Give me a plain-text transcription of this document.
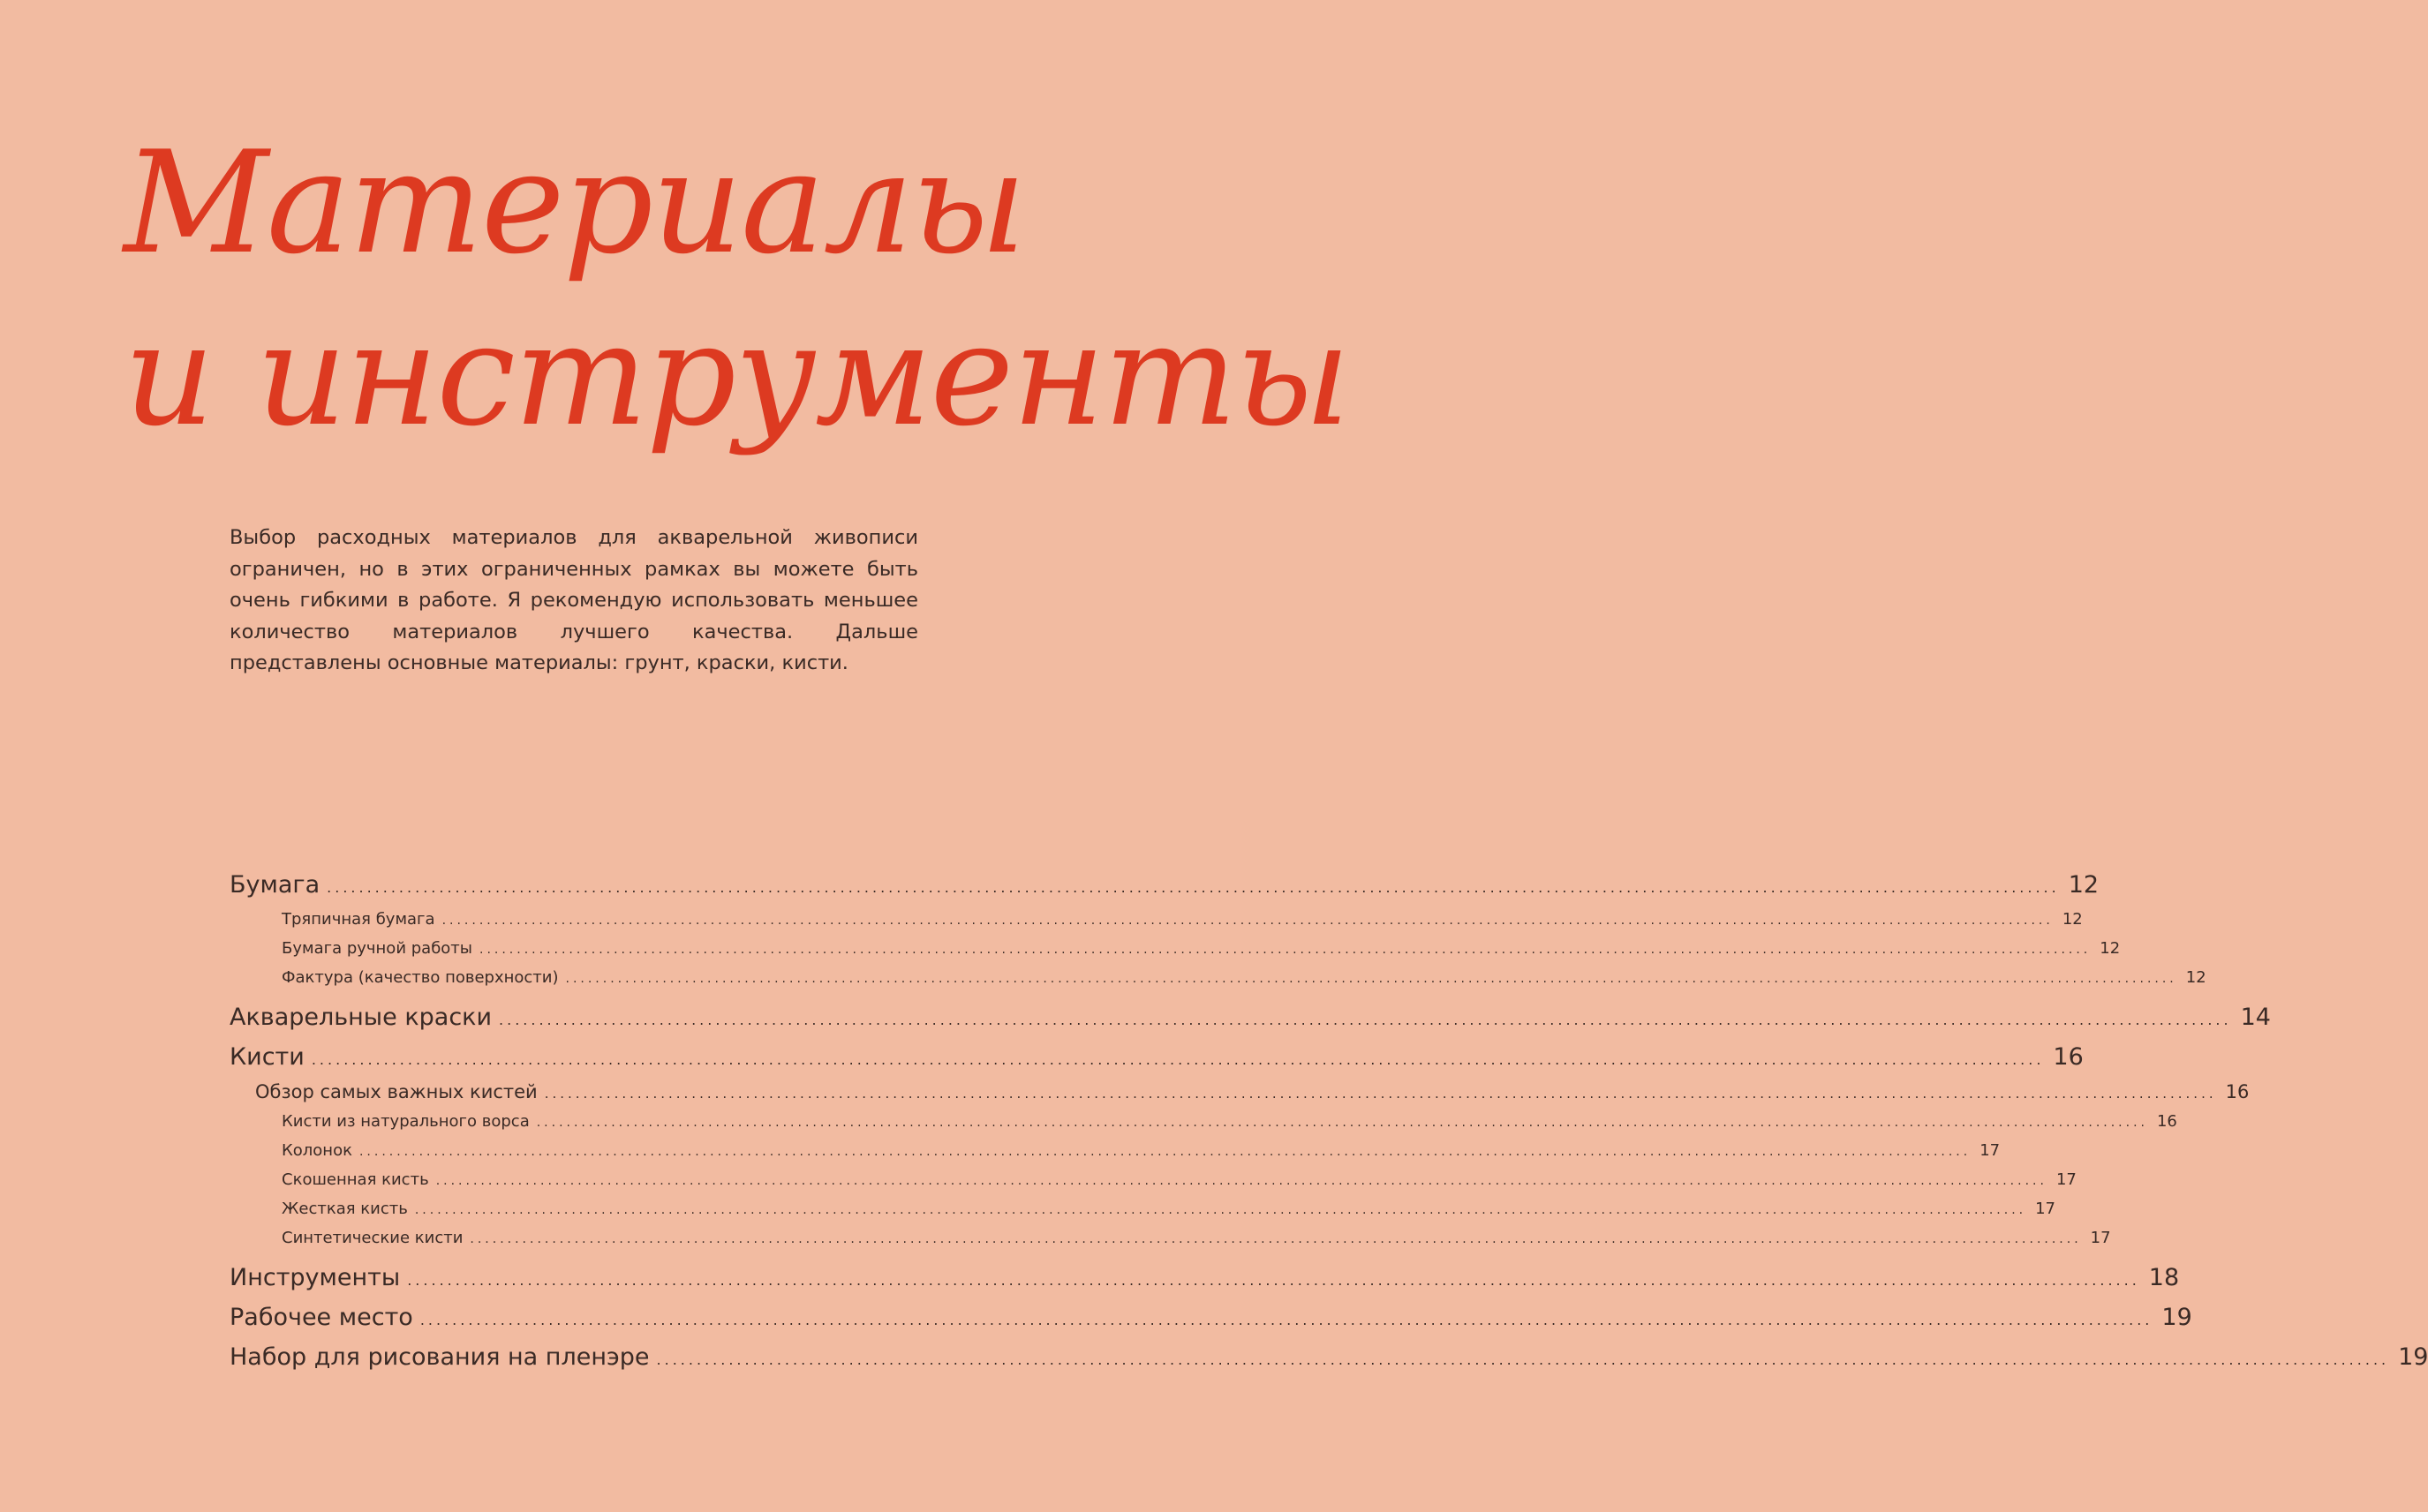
Материалы
и инструменты

Выбор расходных материалов для акварельной живописи ограничен, но в этих ограниченных рамках вы можете быть очень гибкими в работе. Я рекомендую использовать меньшее количество материалов лучшего качества. Дальше представлены основные материалы: грунт, краски, кисти.

Бумага .....	12
Тряпичная бумага .....	12
Бумага ручной работы .....	12
Фактура (качество поверхности) .....	12
Акварельные краски .....	14
Кисти .....	16
Обзор самых важных кистей .....	16
Кисти из натурального ворса .....	16
Колонок .....	17
Скошенная кисть .....	17
Жесткая кисть .....	17
Синтетические кисти .....	17
Инструменты .....	18
Рабочее место .....	19
Набор для рисования на пленэре .....	19
